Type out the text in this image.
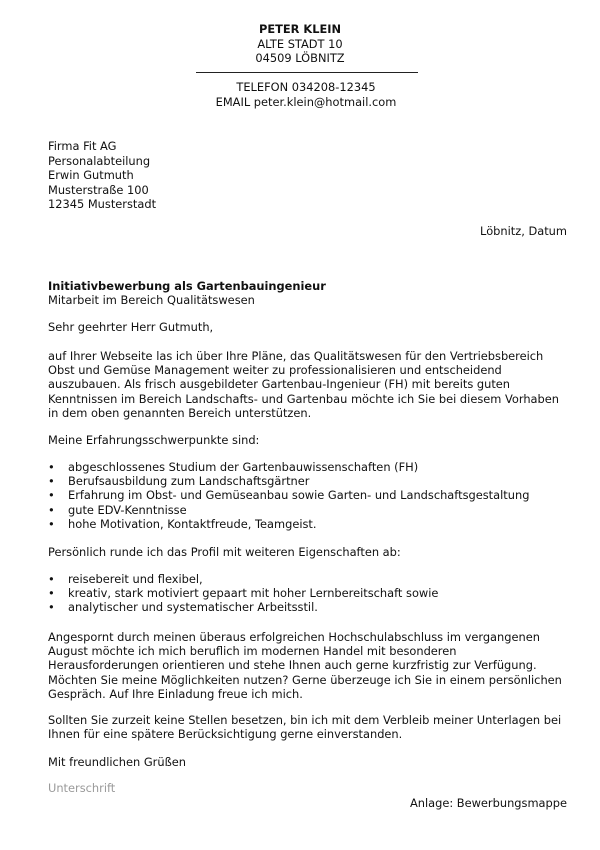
PETER KLEIN
ALTE STADT 10
04509 LÖBNITZ
TELEFON 034208-12345
EMAIL peter.klein@hotmail.com
Firma Fit AG
Personalabteilung
Erwin Gutmuth
Musterstraße 100
12345 Musterstadt
Löbnitz, Datum
Initiativbewerbung als Gartenbauingenieur
Mitarbeit im Bereich Qualitätswesen
Sehr geehrter Herr Gutmuth,
auf Ihrer Webseite las ich über Ihre Pläne, das Qualitätswesen für den Vertriebsbereich
Obst und Gemüse Management weiter zu professionalisieren und entscheidend
auszubauen. Als frisch ausgebildeter Gartenbau-Ingenieur (FH) mit bereits guten
Kenntnissen im Bereich Landschafts- und Gartenbau möchte ich Sie bei diesem Vorhaben
in dem oben genannten Bereich unterstützen.
Meine Erfahrungsschwerpunkte sind:
• abgeschlossenes Studium der Gartenbauwissenschaften (FH)
• Berufsausbildung zum Landschaftsgärtner
• Erfahrung im Obst- und Gemüseanbau sowie Garten- und Landschaftsgestaltung
• gute EDV-Kenntnisse
• hohe Motivation, Kontaktfreude, Teamgeist.
Persönlich runde ich das Profil mit weiteren Eigenschaften ab:
• reisebereit und flexibel,
• kreativ, stark motiviert gepaart mit hoher Lernbereitschaft sowie
• analytischer und systematischer Arbeitsstil.
Angespornt durch meinen überaus erfolgreichen Hochschulabschluss im vergangenen
August möchte ich mich beruflich im modernen Handel mit besonderen
Herausforderungen orientieren und stehe Ihnen auch gerne kurzfristig zur Verfügung.
Möchten Sie meine Möglichkeiten nutzen? Gerne überzeuge ich Sie in einem persönlichen
Gespräch. Auf Ihre Einladung freue ich mich.
Sollten Sie zurzeit keine Stellen besetzen, bin ich mit dem Verbleib meiner Unterlagen bei
Ihnen für eine spätere Berücksichtigung gerne einverstanden.
Mit freundlichen Grüßen
Unterschrift
Anlage: Bewerbungsmappe
